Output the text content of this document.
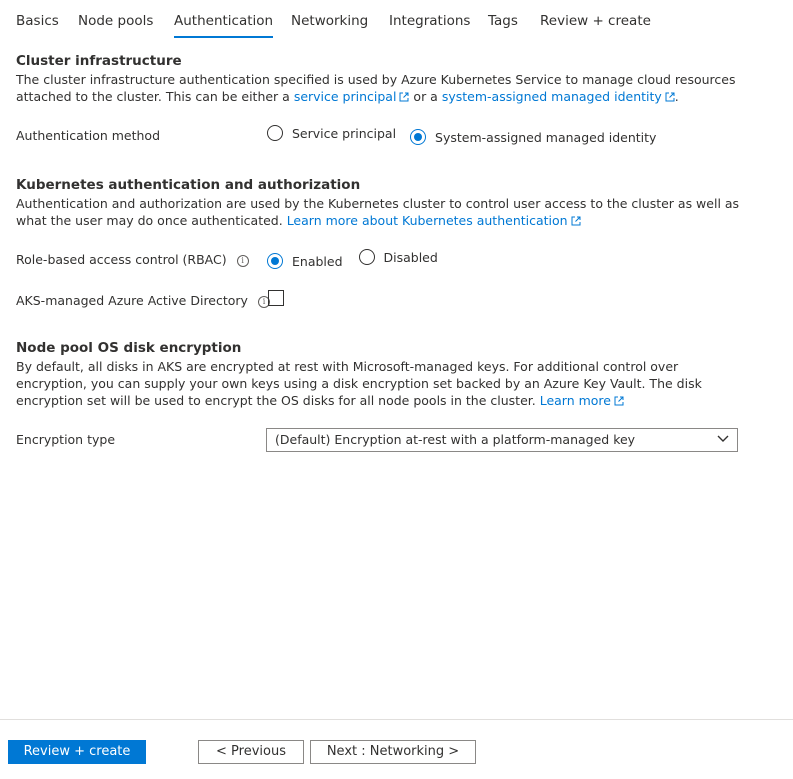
Basics Node pools Authentication Networking Integrations Tags Review + create
Cluster infrastructure
The cluster infrastructure authentication specified is used by Azure Kubernetes Service to manage cloud resources attached to the cluster. This can be either a service principal or a system-assigned managed identity .
Authentication method	Service principal
	System-assigned managed identity
Kubernetes authentication and authorization
Authentication and authorization are used by the Kubernetes cluster to control user access to the cluster as well as what the user may do once authenticated. Learn more about Kubernetes authentication
Role-based access control (RBAC) i	Enabled
	Disabled
AKS-managed Azure Active Directory i
Node pool OS disk encryption
By default, all disks in AKS are encrypted at rest with Microsoft-managed keys. For additional control over encryption, you can supply your own keys using a disk encryption set backed by an Azure Key Vault. The disk encryption set will be used to encrypt the OS disks for all node pools in the cluster. Learn more
Encryption type	(Default) Encryption at-rest with a platform-managed key
Review + create	< Previous	Next : Networking >
